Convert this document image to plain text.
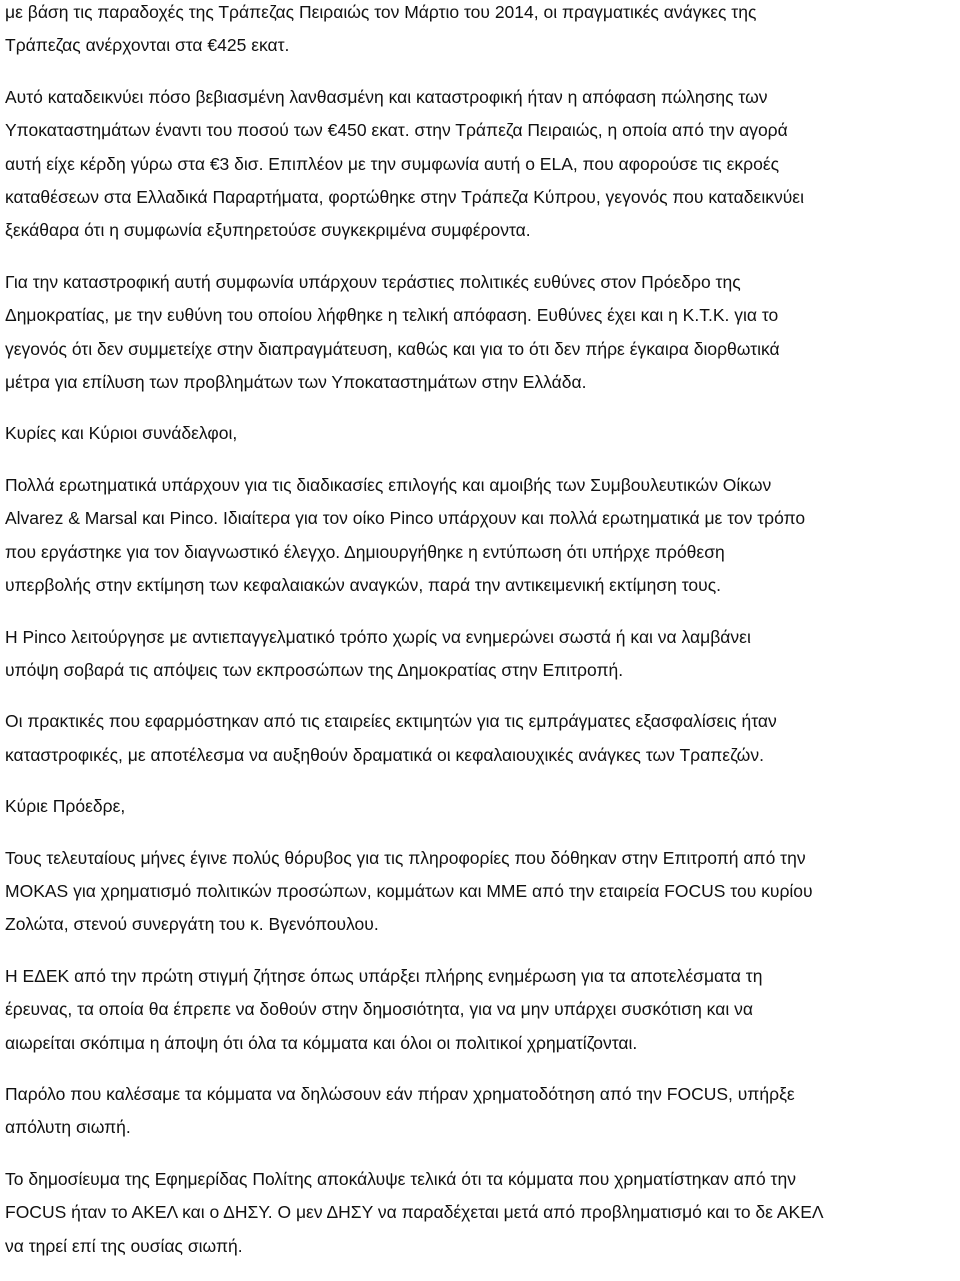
με βάση τις παραδοχές της Τράπεζας Πειραιώς τον Μάρτιο του 2014, οι πραγματικές ανάγκες της
Τράπεζας ανέρχονται στα €425 εκατ.

Αυτό καταδεικνύει πόσο βεβιασμένη λανθασμένη και καταστροφική ήταν η απόφαση πώλησης των
Υποκαταστημάτων έναντι του ποσού των €450 εκατ. στην Τράπεζα Πειραιώς, η οποία από την αγορά
αυτή είχε κέρδη γύρω στα €3 δισ. Επιπλέον με την συμφωνία αυτή ο ELA, που αφορούσε τις εκροές
καταθέσεων στα Ελλαδικά Παραρτήματα, φορτώθηκε στην Τράπεζα Κύπρου, γεγονός που καταδεικνύει
ξεκάθαρα ότι η συμφωνία εξυπηρετούσε συγκεκριμένα συμφέροντα.

Για την καταστροφική αυτή συμφωνία υπάρχουν τεράστιες πολιτικές ευθύνες στον Πρόεδρο της
Δημοκρατίας, με την ευθύνη του οποίου λήφθηκε η τελική απόφαση. Ευθύνες έχει και η Κ.Τ.Κ. για το
γεγονός ότι δεν συμμετείχε στην διαπραγμάτευση, καθώς και για το ότι δεν πήρε έγκαιρα διορθωτικά
μέτρα για επίλυση των προβλημάτων των Υποκαταστημάτων στην Ελλάδα.

Κυρίες και Κύριοι συνάδελφοι,

Πολλά ερωτηματικά υπάρχουν για τις διαδικασίες επιλογής και αμοιβής των Συμβουλευτικών Οίκων
Alvarez & Marsal και Pinco. Ιδιαίτερα για τον οίκο Pinco υπάρχουν και πολλά ερωτηματικά με τον τρόπο
που εργάστηκε για τον διαγνωστικό έλεγχο. Δημιουργήθηκε η εντύπωση ότι υπήρχε πρόθεση
υπερβολής στην εκτίμηση των κεφαλαιακών αναγκών, παρά την αντικειμενική εκτίμηση τους.

Η Pinco λειτούργησε με αντιεπαγγελματικό τρόπο χωρίς να ενημερώνει σωστά ή και να λαμβάνει
υπόψη σοβαρά τις απόψεις των εκπροσώπων της Δημοκρατίας στην Επιτροπή.

Οι πρακτικές που εφαρμόστηκαν από τις εταιρείες εκτιμητών για τις εμπράγματες εξασφαλίσεις ήταν
καταστροφικές, με αποτέλεσμα να αυξηθούν δραματικά οι κεφαλαιουχικές ανάγκες των Τραπεζών.

Κύριε Πρόεδρε,

Τους τελευταίους μήνες έγινε πολύς θόρυβος για τις πληροφορίες που δόθηκαν στην Επιτροπή από την
ΜΟΚΑS για χρηματισμό πολιτικών προσώπων, κομμάτων και ΜΜΕ από την εταιρεία FOCUS του κυρίου
Ζολώτα, στενού συνεργάτη του κ. Βγενόπουλου.

Η ΕΔΕΚ από την πρώτη στιγμή ζήτησε όπως υπάρξει πλήρης ενημέρωση για τα αποτελέσματα τη
έρευνας, τα οποία θα έπρεπε να δοθούν στην δημοσιότητα, για να μην υπάρχει συσκότιση και να
αιωρείται σκόπιμα η άποψη ότι όλα τα κόμματα και όλοι οι πολιτικοί χρηματίζονται.

Παρόλο που καλέσαμε τα κόμματα να δηλώσουν εάν πήραν χρηματοδότηση από την FOCUS, υπήρξε
απόλυτη σιωπή.

Το δημοσίευμα της Εφημερίδας Πολίτης αποκάλυψε τελικά ότι τα κόμματα που χρηματίστηκαν από την
FOCUS ήταν το ΑΚΕΛ και ο ΔΗΣΥ. Ο μεν ΔΗΣΥ να παραδέχεται μετά από προβληματισμό και το δε ΑΚΕΛ
να τηρεί επί της ουσίας σιωπή.
